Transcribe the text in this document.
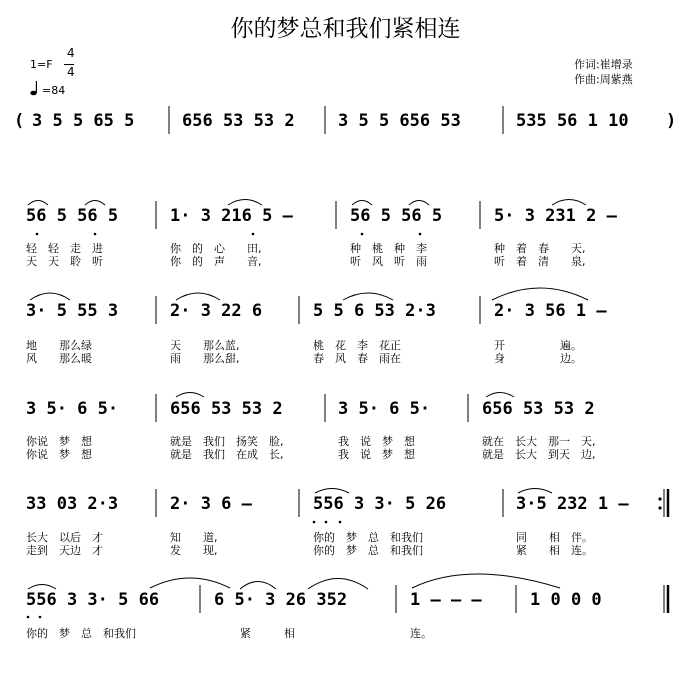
你的梦总和我们紧相连
1=F
4
4
=84
作词:崔增录
作曲:周紫燕
( 3 5 5 65 5	656 53 53 2	3 5 5 656 53	535 56 1 10 )
56 5 56 5	1· 3 216 5 –	56 5 56 5	5· 3 231 2 –
轻　轻　走　进	你　的　心　　田,	种　桃　种　李	种　着　春　　天,
天　天　聆　听	你　的　声　　音,	听　风　听　雨	听　着　清　　泉,
3· 5 55 3	2· 3 22 6	5 5 6 53 2·3	2· 3 56 1 –
地　　那么绿　	天　　那么蓝,	桃　花　李　花正	开　　　　　遍。
风　　那么暖　	雨　　那么甜,	春　风　春　雨在	身　　　　　边。
3 5· 6 5·	656 53 53 2	3 5· 6 5·	656 53 53 2
你说　梦　想	就是　我们　扬笑　脸,	我　说　梦　想	就在　长大　那一　天,
你说　梦　想	就是　我们　在成　长,	我　说　梦　想	就是　长大　到天　边,
33 03 2·3	2· 3 6 –	556 3 3· 5 26	3·5 232 1 –
长大　以后　才	知　　道,	你的　梦　总　和我们	同　　相　伴。
走到　天边　才	发　　现,	你的　梦　总　和我们	紧　　相　连。
556 3 3· 5 66	6 5· 3 26 352	1 – – –	1 0 0 0
你的　梦　总　和我们	紧　　　相	连。
